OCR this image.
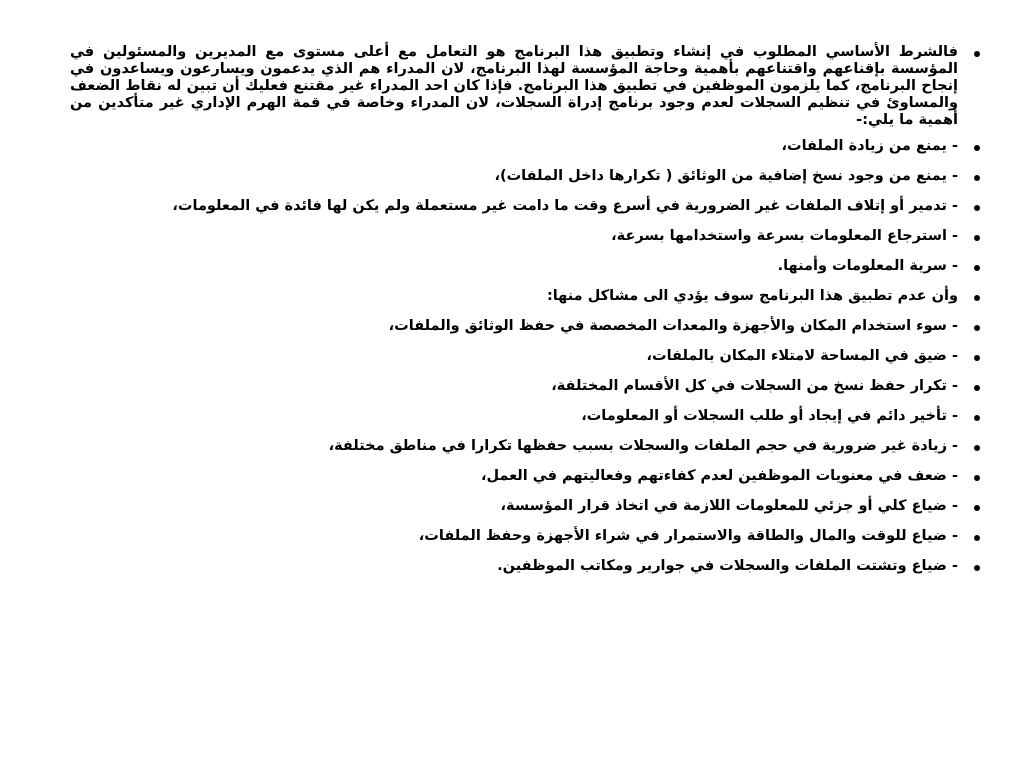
فالشرط الأساسي المطلوب في إنشاء وتطبيق هذا البرنامج هو التعامل مع أعلى مستوى مع المديرين والمسئولين في المؤسسة بإقناعهم واقتناعهم بأهمية وحاجة المؤسسة لهذا البرنامج، لان المدراء هم الذي يدعمون ويسارعون ويساعدون في إنجاح البرنامج، كما يلزمون الموظفين في تطبيق هذا البرنامج. فإذا كان احد المدراء غير مقتنع فعليك أن تبين له نقاط الضعف والمساوئ في تنظيم السجلات لعدم وجود برنامج إدراة السجلات، لان المدراء وخاصة في قمة الهرم الإداري غير متأكدين من أهمية ما يلي:-
- يمنع من زيادة الملفات،
- يمنع من وجود نسخ إضافية من الوثائق ( تكرارها داخل الملفات)،
- تدمير أو إتلاف الملفات غير الضرورية في أسرع وقت ما دامت غير مستعملة ولم يكن لها فائدة في المعلومات،
- استرجاع المعلومات بسرعة واستخدامها بسرعة،
- سرية المعلومات وأمنها.
وأن عدم تطبيق هذا البرنامج سوف يؤدي الى مشاكل منها:
- سوء استخدام المكان والأجهزة والمعدات المخصصة في حفظ الوثائق والملفات،
- ضيق في المساحة لامتلاء المكان بالملفات،
- تكرار حفظ نسخ من السجلات في كل الأقسام المختلفة،
- تأخير دائم في إيجاد أو طلب السجلات أو المعلومات،
- زيادة غير ضرورية في حجم الملفات والسجلات بسبب حفظها تكرارا في مناطق مختلفة،
- ضعف في معنويات الموظفين لعدم كفاءتهم وفعاليتهم في العمل،
- ضياع كلي أو جزئي للمعلومات اللازمة في اتخاذ قرار المؤسسة،
- ضياع للوقت والمال والطاقة والاستمرار في شراء الأجهزة وحفظ الملفات،
- ضياع وتشتت الملفات والسجلات في جوارير ومكاتب الموظفين.
